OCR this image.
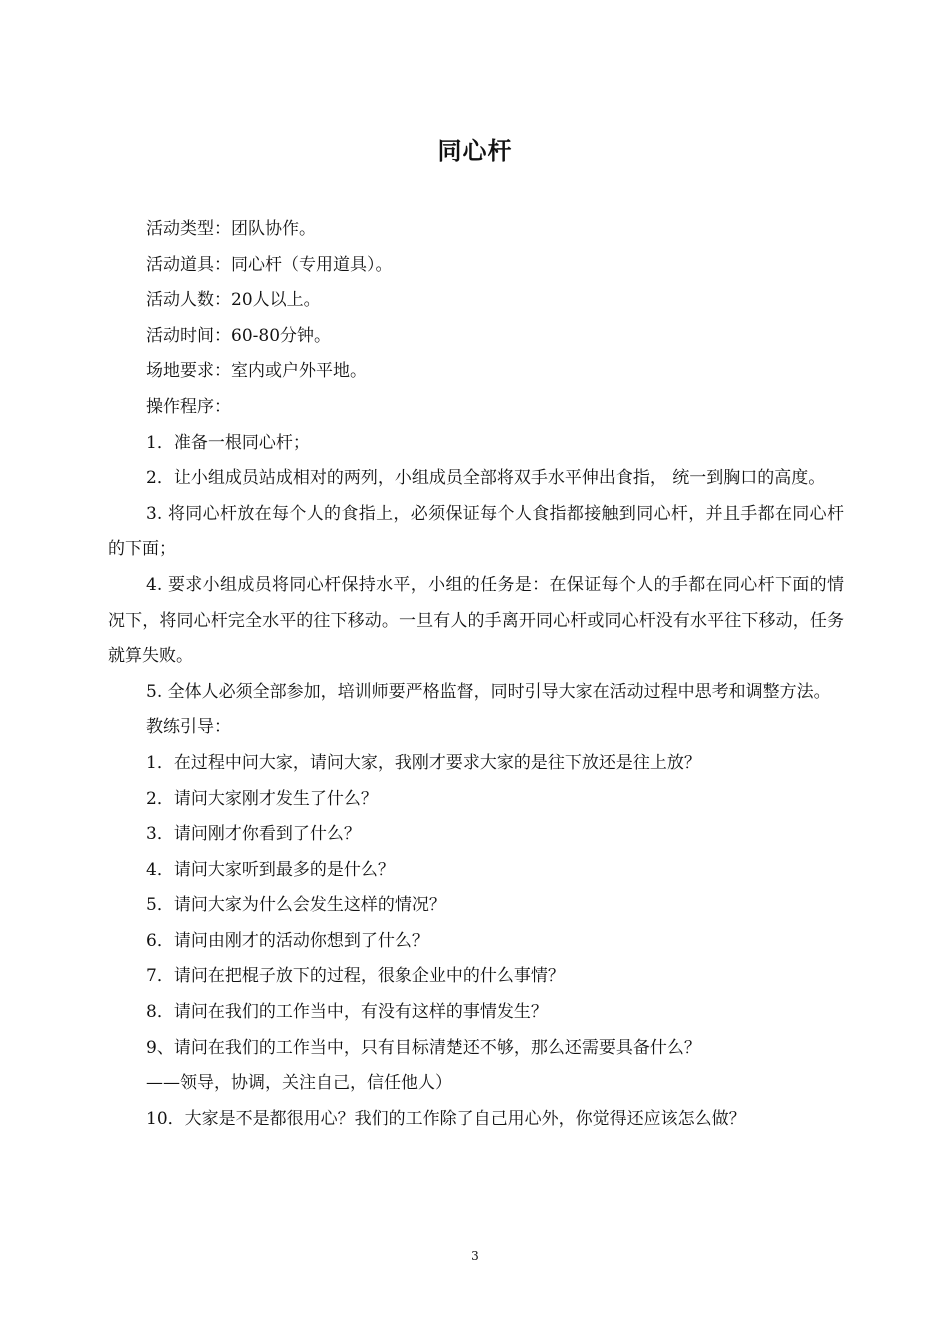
同心杆

活动类型：团队协作。

活动道具：同心杆（专用道具）。

活动人数：20人以上。

活动时间：60-80分钟。

场地要求：室内或户外平地。

操作程序：

1．准备一根同心杆；

2．让小组成员站成相对的两列，小组成员全部将双手水平伸出食指， 统一到胸口的高度。

3. 将同心杆放在每个人的食指上，必须保证每个人食指都接触到同心杆，并且手都在同心杆的下面；

4. 要求小组成员将同心杆保持水平，小组的任务是：在保证每个人的手都在同心杆下面的情况下，将同心杆完全水平的往下移动。一旦有人的手离开同心杆或同心杆没有水平往下移动，任务就算失败。

5. 全体人必须全部参加，培训师要严格监督，同时引导大家在活动过程中思考和调整方法。

教练引导：

1．在过程中问大家，请问大家，我刚才要求大家的是往下放还是往上放？

2．请问大家刚才发生了什么？

3．请问刚才你看到了什么？

4．请问大家听到最多的是什么？

5．请问大家为什么会发生这样的情况？

6．请问由刚才的活动你想到了什么？

7．请问在把棍子放下的过程，很象企业中的什么事情？

8．请问在我们的工作当中，有没有这样的事情发生？

9、请问在我们的工作当中，只有目标清楚还不够，那么还需要具备什么？

——领导，协调，关注自己，信任他人）

10．大家是不是都很用心？我们的工作除了自己用心外，你觉得还应该怎么做？

3
